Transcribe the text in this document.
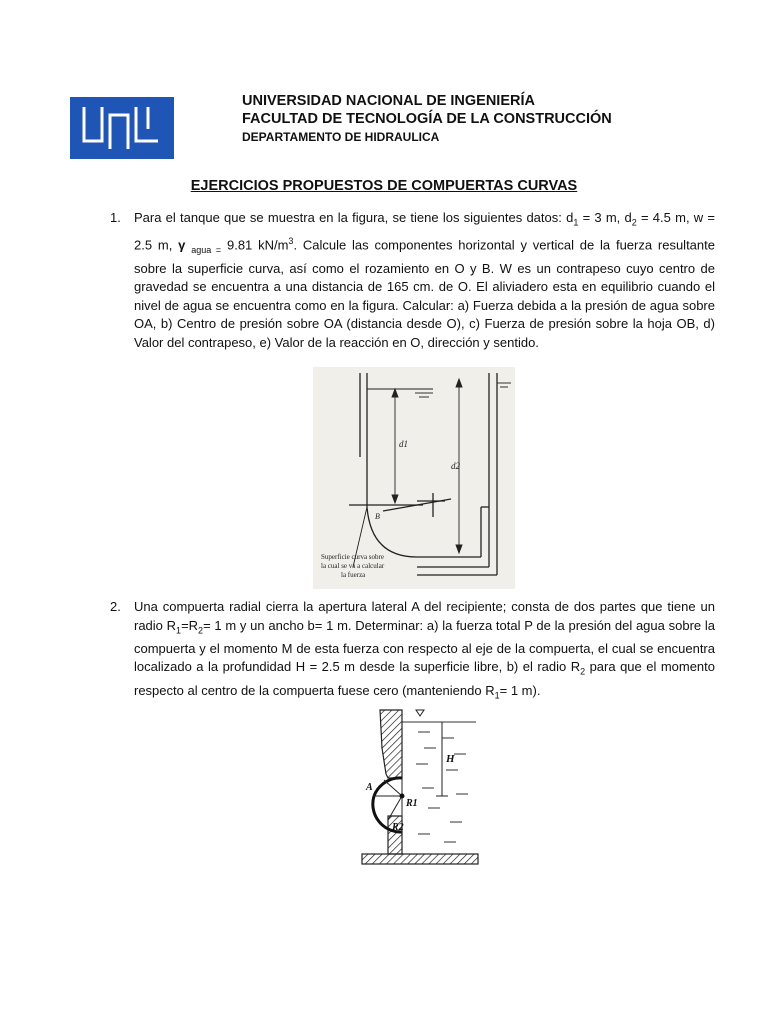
UNIVERSIDAD NACIONAL DE INGENIERÍA
FACULTAD DE TECNOLOGÍA DE LA CONSTRUCCIÓN
DEPARTAMENTO DE HIDRAULICA
EJERCICIOS PROPUESTOS DE COMPUERTAS CURVAS
1. Para el tanque que se muestra en la figura, se tiene los siguientes datos: $d_1 = 3$ m, $d_2 = 4.5$ m, w = 2.5 m, γ $_{agua =}$ 9.81 $kN/m^3$. Calcule las componentes horizontal y vertical de la fuerza resultante sobre la superficie curva, así como el rozamiento en O y B. W es un contrapeso cuyo centro de gravedad se encuentra a una distancia de 165 cm. de O. El aliviadero esta en equilibrio cuando el nivel de agua se encuentra como en la figura. Calcular: a) Fuerza debida a la presión de agua sobre OA, b) Centro de presión sobre OA (distancia desde O), c) Fuerza de presión sobre la hoja OB, d) Valor del contrapeso, e) Valor de la reacción en O, dirección y sentido.
d1
d2
B
Superficie curva sobre
la cual se va a calcular
la fuerza
2. Una compuerta radial cierra la apertura lateral A del recipiente; consta de dos partes que tiene un radio $R_1=R_2= 1$ m y un ancho b= 1 m. Determinar: a) la fuerza total P de la presión del agua sobre la compuerta y el momento M de esta fuerza con respecto al eje de la compuerta, el cual se encuentra localizado a la profundidad H = 2.5 m desde la superficie libre, b) el radio $R_2$ para que el momento respecto al centro de la compuerta fuese cero (manteniendo $R_1= 1$ m).
H
A
R1
R2
